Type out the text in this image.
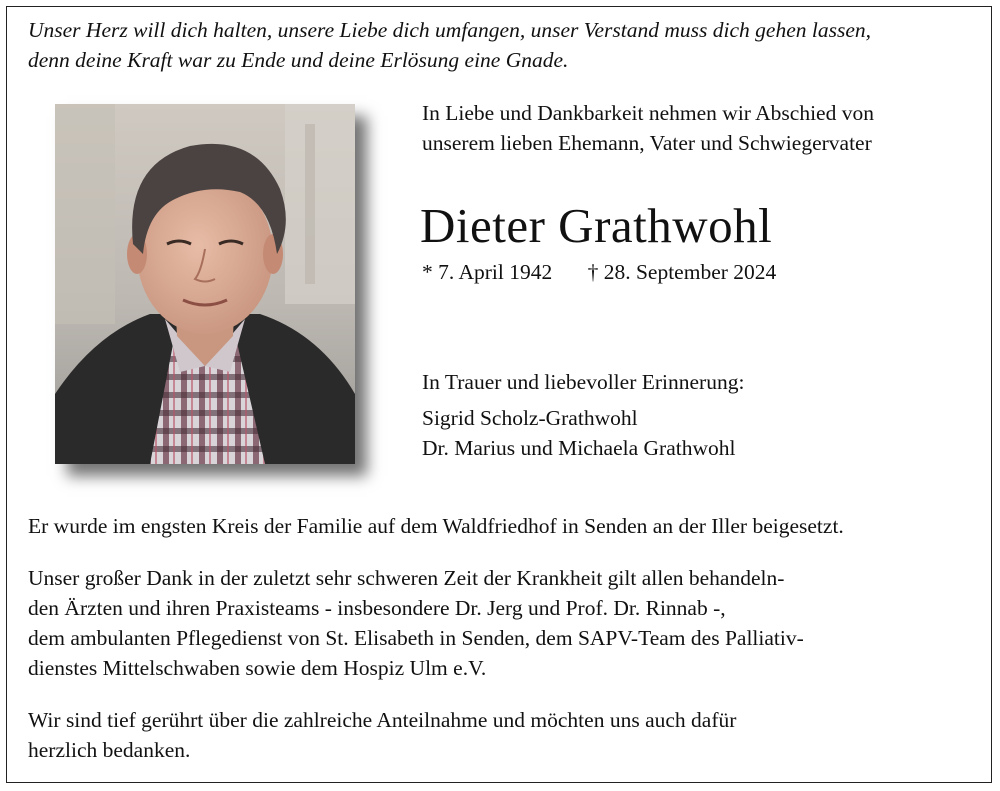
Unser Herz will dich halten, unsere Liebe dich umfangen, unser Verstand muss dich gehen lassen,

denn deine Kraft war zu Ende und deine Erlösung eine Gnade.

In Liebe und Dankbarkeit nehmen wir Abschied von

unserem lieben Ehemann, Vater und Schwiegervater

Dieter Grathwohl
* 7. April 1942 † 28. September 2024

In Trauer und liebevoller Erinnerung:

Sigrid Scholz-Grathwohl

Dr. Marius und Michaela Grathwohl

Er wurde im engsten Kreis der Familie auf dem Waldfriedhof in Senden an der Iller beigesetzt.

Unser großer Dank in der zuletzt sehr schweren Zeit der Krankheit gilt allen behandeln-

den Ärzten und ihren Praxisteams - insbesondere Dr. Jerg und Prof. Dr. Rinnab -,

dem ambulanten Pflegedienst von St. Elisabeth in Senden, dem SAPV-Team des Palliativ-

dienstes Mittelschwaben sowie dem Hospiz Ulm e.V.

Wir sind tief gerührt über die zahlreiche Anteilnahme und möchten uns auch dafür

herzlich bedanken.
